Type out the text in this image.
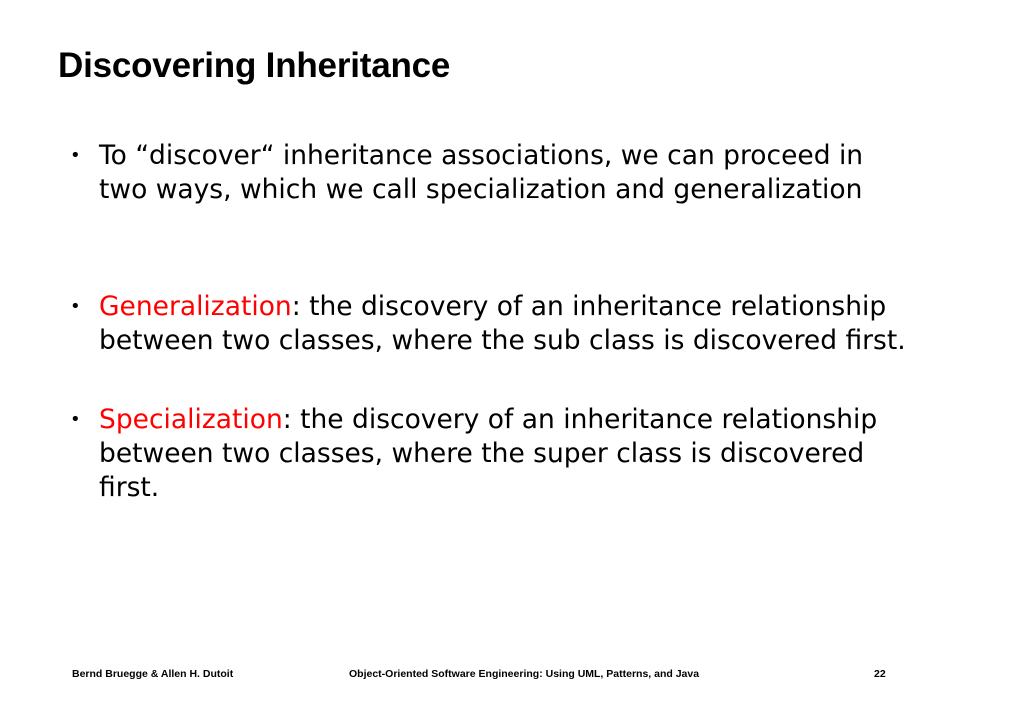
Discovering Inheritance
• To “discover“ inheritance associations, we can proceed in two ways, which we call specialization and generalization
• Generalization: the discovery of an inheritance relationship between two classes, where the sub class is discovered first.
• Specialization: the discovery of an inheritance relationship between two classes, where the super class is discovered first.
Bernd Bruegge & Allen H. Dutoit	Object-Oriented Software Engineering: Using UML, Patterns, and Java	22
